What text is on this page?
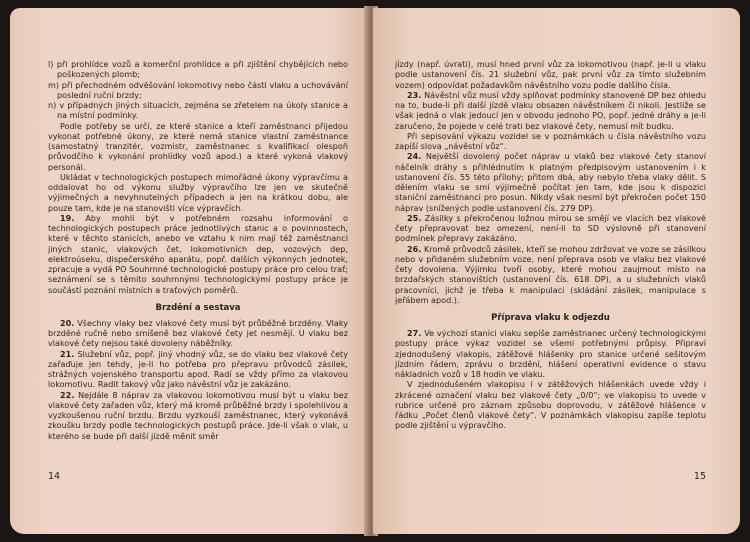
l) při prohlídce vozů a komerční prohlídce a při zjištění chybějících nebo poškozených plomb;

m) při přechodném odvěšování lokomotivy nebo části vlaku a uchovávání poslední ruční brzdy;

n) v případných jiných situacích, zejména se zřetelem na úkoly stanice a na místní podmínky.

Podle potřeby se určí, ze které stanice a kteří zaměstnanci přijedou vykonat potřebné úkony, ze které nemá stanice vlastní zaměstnance (samostatný tranzitér, vozmistr, zaměstnanec s kvalifikací olespoň průvodčího k vykonání prohlídky vozů apod.) a které vykoná vlakový personál.

Ukládat v technologických postupech mimořádné úkony výpravčímu a oddalovat ho od výkonu služby výpravčího lze jen ve skutečně výjimečných a nevyhnutelných případech a jen na krátkou dobu, ale pouze tam, kde je na stanovišti více výpravčích.

19. Aby mohli být v potřebném rozsahu informování o technologických postupech práce jednotlivých stanic a o povinnostech, které v těchto stanicích, anebo ve vztahu k nim mají též zaměstnanci jiných stanic, vlakových čet, lokomotivních dep, vozových dep, elektroúseku, dispečerského aparátu, popř. dalších výkonných jednotek, zpracuje a vydá PO Souhrnné technologické postupy práce pro celou trať; seznámení se s těmito souhrnnými technologickými postupy práce je součástí poznání místních a traťových poměrů.

Brzdění a sestava

20. Všechny vlaky bez vlakové čety musí být průběžně brzděny. Vlaky brzděné ručně nebo smíšeně bez vlakové čety jet nesmějí. U vlaku bez vlakové čety nejsou také dovoleny náběžníky.

21. Služební vůz, popř. jiný vhodný vůz, se do vlaku bez vlakové čety zařaďuje jen tehdy, je-li ho potřeba pro přepravu průvodců zásilek, strážných vojenského transportu apod. Radí se vždy přímo za vlakovou lokomotivu. Radit takový vůz jako návěstní vůz je zakázáno.

22. Nejdále 8 náprav za vlakovou lokomotivou musí být u vlaku bez vlakové čety zařaden vůz, který má kromě průběžné brzdy i spolehlivou a vyzkoušenou ruční brzdu. Brzdu vyzkouší zaměstnanec, který vykonává zkoušku brzdy podle technologických postupů práce. Jde-li však o vlak, u kterého se bude při další jízdě měnit směr

14

jízdy (např. úvrati), musí hned první vůz za lokomotivou (např. je-li u vlaku podle ustanovení čís. 21 služební vůz, pak první vůz za tímto služebním vozem) odpovídat požadavkům návěstního vozu podle dalšího čísla.

23. Návěstní vůz musí vždy splňovat podmínky stanovené DP bez ohledu na to, bude-li při další jízdě vlaku obsazen návěstníkem či nikoli. Jestliže se však jedná o vlak jedoucí jen v obvodu jednoho PO, popř. jedné dráhy a je-li zaručeno, že pojede v celé trati bez vlakové čety, nemusí mít budku.

Při sepisování výkazu vozidel se v poznámkách u čísla návěstního vozu zapíší slova „návěstní vůz“.

24. Největší dovolený počet náprav u vlaků bez vlakové čety stanoví náčelník dráhy s přihlédnutím k platným předpisovým ustanovením i k ustanovení čís. 55 této přílohy; přitom dbá, aby nebylo třeba vlaky dělit. S dělením vlaku se smí výjimečně počítat jen tam, kde jsou k dispozici staniční zaměstnanci pro posun. Nikdy však nesmí být překročen počet 150 náprav (snížených podle ustanovení čís. 279 DP).

25. Zásilky s překročenou ložnou mírou se smějí ve vlacích bez vlakové čety přepravovat bez omezení, není-li to SD výslovně při stanovení podmínek přepravy zakázáno.

26. Kromě průvodců zásilek, kteří se mohou zdržovat ve voze se zásilkou nebo v přidaném služebním voze, není přeprava osob ve vlaku bez vlakové čety dovolena. Výjimku tvoří osoby, které mohou zaujmout místo na brzdařských stanovištích (ustanovení čís. 618 DP), a u služebních vlaků pracovníci, jichž je třeba k manipulaci (skládání zásilek, manipulace s jeřábem apod.).

Příprava vlaku k odjezdu

27. Ve výchozí stanici vlaku sepíše zaměstnanec určený technologickými postupy práce výkaz vozidel se všemi potřebnými průpisy. Připraví zjednodušený vlakopis, zátěžové hlášenky pro stanice určené sešitovým jízdním řádem, zprávu o brzdění, hlášení operativní evidence o stavu nákladních vozů v 18 hodin ve vlaku.

V zjednodušeném vlakopisu i v zátěžových hlášenkách uvede vždy i zkrácené označení vlaku bez vlakové čety „0/0“; ve vlakopisu to uvede v rubrice určené pro záznam způsobu doprovodu, v zátěžové hlášence v řádku „Počet členů vlakové čety“. V poznámkách vlakopisu zapíše teplotu podle zjištění u výpravčího.

15
